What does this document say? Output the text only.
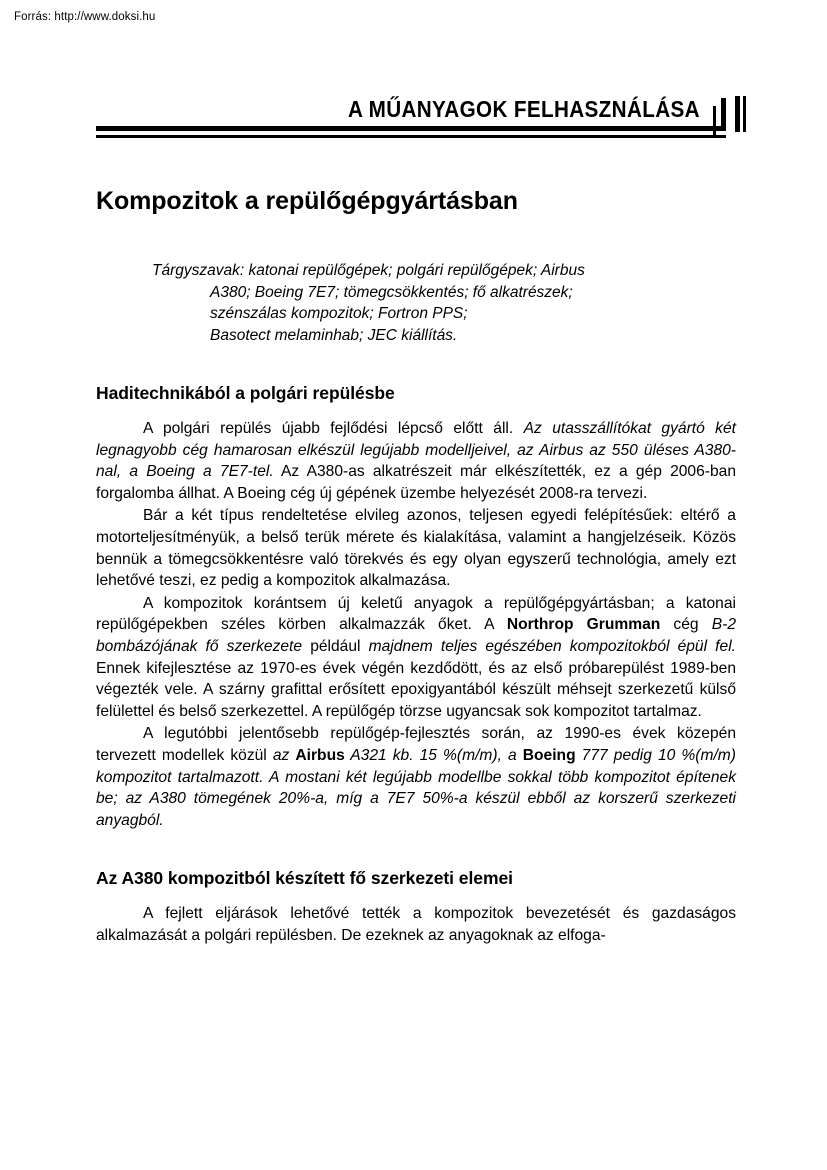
Forrás: http://www.doksi.hu
A MŰANYAGOK FELHASZNÁLÁSA
Kompozitok a repülőgépgyártásban
Tárgyszavak: katonai repülőgépek; polgári repülőgépek; Airbus
A380; Boeing 7E7; tömegcsökkentés; fő alkatrészek;
szénszálas kompozitok; Fortron PPS;
Basotect melaminhab; JEC kiállítás.
Haditechnikából a polgári repülésbe

A polgári repülés újabb fejlődési lépcső előtt áll. Az utasszállítókat gyártó két legnagyobb cég hamarosan elkészül legújabb modelljeivel, az Airbus az 550 üléses A380-nal, a Boeing a 7E7-tel. Az A380-as alkatrészeit már elkészítették, ez a gép 2006-ban forgalomba állhat. A Boeing cég új gépének üzembe helyezését 2008-ra tervezi.

Bár a két típus rendeltetése elvileg azonos, teljesen egyedi felépítésűek: eltérő a motorteljesítményük, a belső terük mérete és kialakítása, valamint a hangjelzéseik. Közös bennük a tömegcsökkentésre való törekvés és egy olyan egyszerű technológia, amely ezt lehetővé teszi, ez pedig a kompozitok alkalmazása.

A kompozitok korántsem új keletű anyagok a repülőgépgyártásban; a katonai repülőgépekben széles körben alkalmazzák őket. A Northrop Grumman cég B-2 bombázójának fő szerkezete például majdnem teljes egészében kompozitokból épül fel. Ennek kifejlesztése az 1970-es évek végén kezdődött, és az első próbarepülést 1989-ben végezték vele. A szárny grafittal erősített epoxigyantából készült méhsejt szerkezetű külső felülettel és belső szerkezettel. A repülőgép törzse ugyancsak sok kompozitot tartalmaz.

A legutóbbi jelentősebb repülőgép-fejlesztés során, az 1990-es évek közepén tervezett modellek közül az Airbus A321 kb. 15 %(m/m), a Boeing 777 pedig 10 %(m/m) kompozitot tartalmazott. A mostani két legújabb modellbe sokkal több kompozitot építenek be; az A380 tömegének 20%-a, míg a 7E7 50%-a készül ebből az korszerű szerkezeti anyagból.

Az A380 kompozitból készített fő szerkezeti elemei

A fejlett eljárások lehetővé tették a kompozitok bevezetését és gazdaságos alkalmazását a polgári repülésben. De ezeknek az anyagoknak az elfoga-
